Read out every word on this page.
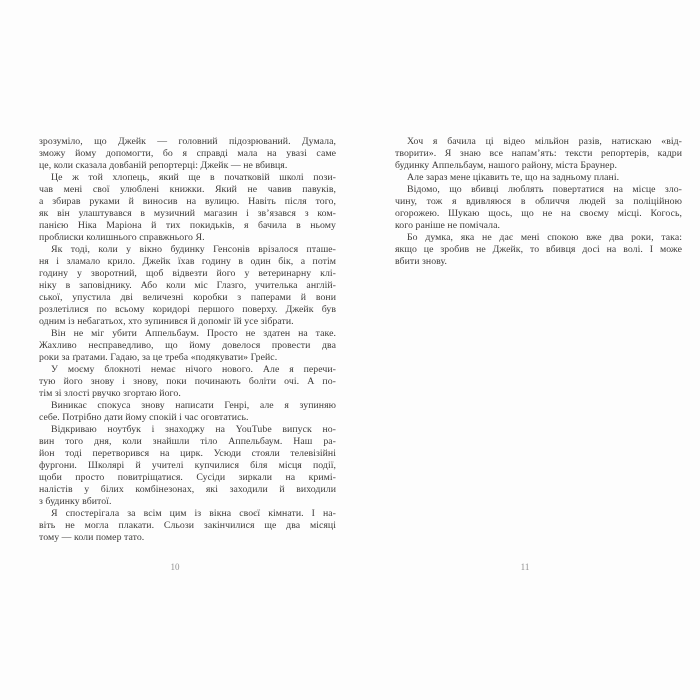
зрозуміло, що Джейк — головний підозрюваний. Думала,
зможу йому допомогти, бо я справді мала на увазі саме
це, коли сказала довбаній репортерці: Джейк — не вбивця.
Це ж той хлопець, який ще в початковій школі пози-
чав мені свої улюблені книжки. Який не чавив павуків,
а збирав руками й виносив на вулицю. Навіть після того,
як він улаштувався в музичний магазин і зв’язався з ком-
панією Ніка Маріона й тих покидьків, я бачила в ньому
проблиски колишнього справжнього Я.
Як тоді, коли у вікно будинку Генсонів врізалося пташе-
ня і зламало крило. Джейк їхав годину в один бік, а потім
годину у зворотний, щоб відвезти його у ветеринарну клі-
ніку в заповіднику. Або коли міс Глазго, учителька англій-
ської, упустила дві величезні коробки з паперами й вони
розлетілися по всьому коридорі першого поверху. Джейк був
одним із небагатьох, хто зупинився й допоміг їй усе зібрати.
Він не міг убити Аппельбаум. Просто не здатен на таке.
Жахливо несправедливо, що йому довелося провести два
роки за ґратами. Гадаю, за це треба «подякувати» Грейс.
У моєму блокноті немає нічого нового. Але я перечи-
тую його знову і знову, поки починають боліти очі. А по-
тім зі злості рвучко згортаю його.
Виникає спокуса знову написати Генрі, але я зупиняю
себе. Потрібно дати йому спокій і час оговтатись.
Відкриваю ноутбук і знаходжу на YouTube випуск но-
вин того дня, коли знайшли тіло Аппельбаум. Наш ра-
йон тоді перетворився на цирк. Усюди стояли телевізійні
фургони. Школярі й учителі купчилися біля місця події,
щоби просто повитріщатися. Сусіди зиркали на кримі-
налістів у білих комбінезонах, які заходили й виходили
з будинку вбитої.
Я спостерігала за всім цим із вікна своєї кімнати. І на-
віть не могла плакати. Сльози закінчилися ще два місяці
тому — коли помер тато.
10
Хоч я бачила ці відео мільйон разів, натискаю «від-
творити». Я знаю все напам’ять: тексти репортерів, кадри
будинку Аппельбаум, нашого району, міста Браунер.
Але зараз мене цікавить те, що на задньому плані.
Відомо, що вбивці люблять повертатися на місце зло-
чину, тож я вдивляюся в обличчя людей за поліційною
огорожею. Шукаю щось, що не на своєму місці. Когось,
кого раніше не помічала.
Бо думка, яка не дає мені спокою вже два роки, така:
якщо це зробив не Джейк, то вбивця досі на волі. І може
вбити знову.
11
